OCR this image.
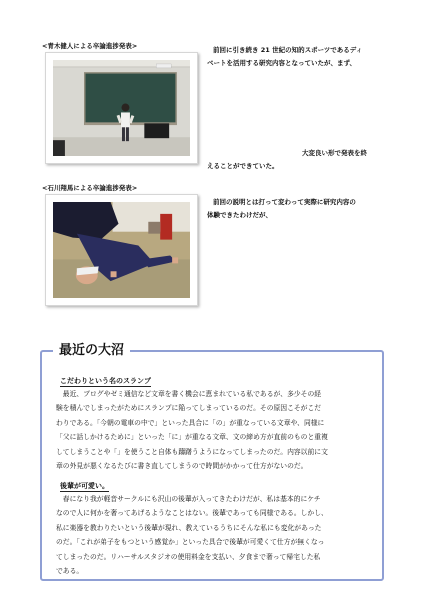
<青木健人による卒論進捗発表>	前回に引き続き 21 世紀の知的スポーツであるディ
ベートを活用する研究内容となっていたが、まず、
大変良い形で発表を終
えることができていた。
<石川翔馬による卒論進捗発表>
前回の説明とは打って変わって実際に研究内容の
体験できたわけだが、
最近の大沼
こだわりという名のスランプ

　最近、ブログやゼミ通信など文章を書く機会に恵まれている私であるが、多少その経

験を積んでしまったがためにスランプに陥ってしまっているのだ。その原因こそがこだ

わりである。「今朝の電車の中で」といった具合に「の」が重なっている文章や、同様に

「父に話しかけるために」といった「に」が重なる文章、文の締め方が直前のものと重複

してしまうことや「」を使うこと自体も躊躇うようになってしまったのだ。内容以前に文

章の外見が悪くなるたびに書き直してしまうので時間がかかって仕方がないのだ。

後輩が可愛い。

　春になり我が軽音サークルにも沢山の後輩が入ってきたわけだが、私は基本的にケチ

なので人に何かを奢ってあげるようなことはない。後輩であっても同様である。しかし、

私に楽器を教わりたいという後輩が現れ、教えているうちにそんな私にも変化があった

のだ。「これが弟子をもつという感覚か」といった具合で後輩が可愛くて仕方が無くなっ

てしまったのだ。リハーサルスタジオの使用料金を支払い、夕食まで奢って帰宅した私

である。
